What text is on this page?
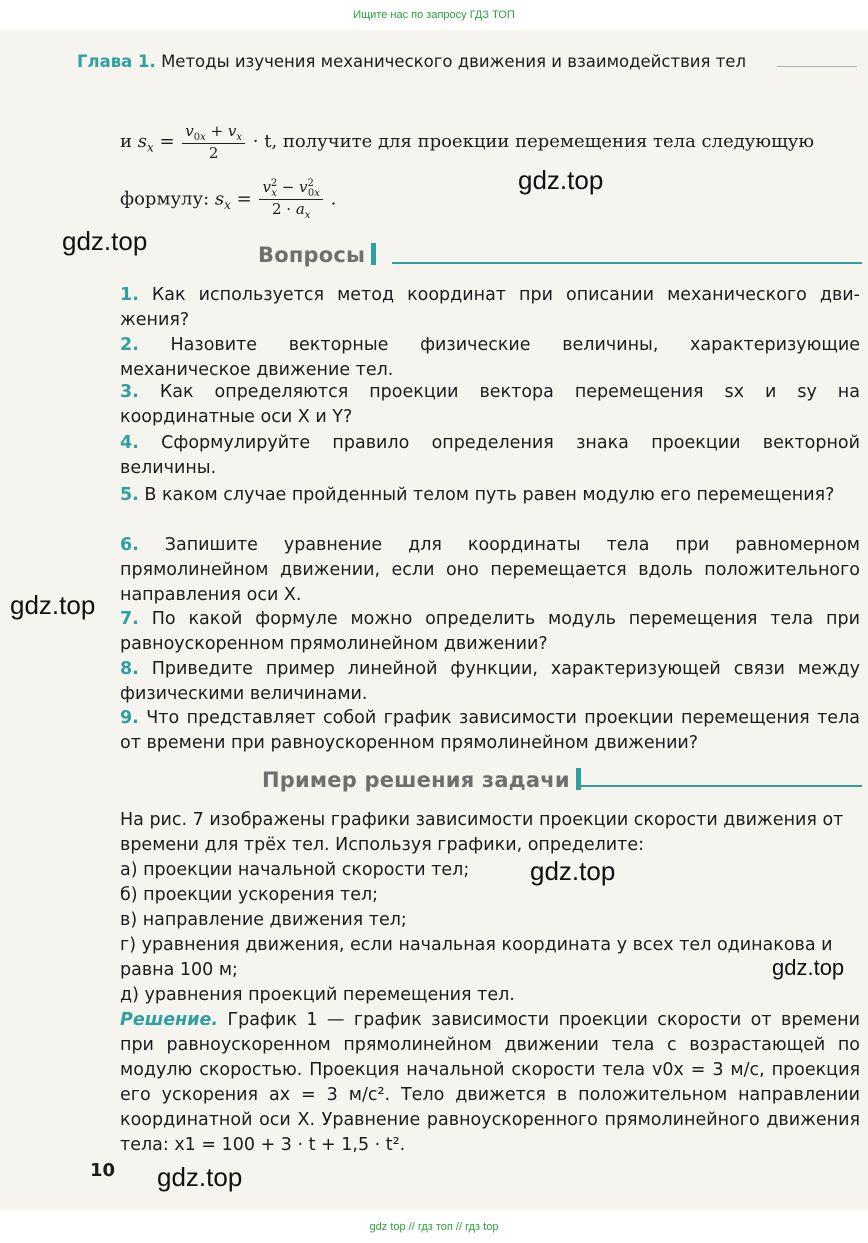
Ищите нас по запросу ГДЗ ТОП
Глава 1. Методы изучения механического движения и взаимодействия тел
и $s_x = \frac{v_{0x} + v_x}{2} \cdot t$, получите для проекции перемещения тела следующую
формулу: $s_x = \frac{v^2_x - v^2_{0x}}{2 \cdot a_x}$ .
gdz.top
gdz.top
gdz.top
gdz.top
gdz.top
gdz.top
Вопросы
1. Как используется метод координат при описании механического дви-жения?
2. Назовите векторные физические величины, характеризующие механическое движение тел.
3. Как определяются проекции вектора перемещения sx и sy на координатные оси X и Y?
4. Сформулируйте правило определения знака проекции векторной величины.
5. В каком случае пройденный телом путь равен модулю его перемещения?
6. Запишите уравнение для координаты тела при равномерном прямолинейном движении, если оно перемещается вдоль положительного направления оси X.
7. По какой формуле можно определить модуль перемещения тела при равноускоренном прямолинейном движении?
8. Приведите пример линейной функции, характеризующей связи между физическими величинами.
9. Что представляет собой график зависимости проекции перемещения тела от времени при равноускоренном прямолинейном движении?
Пример решения задачи
На рис. 7 изображены графики зависимости проекции скорости движения от времени для трёх тел. Используя графики, определите:
а) проекции начальной скорости тел;
б) проекции ускорения тел;
в) направление движения тел;
г) уравнения движения, если начальная координата у всех тел одинакова и равна 100 м;
д) уравнения проекций перемещения тел.
Решение. График 1 — график зависимости проекции скорости от времени при равноускоренном прямолинейном движении тела с возрастающей по модулю скоростью. Проекция начальной скорости тела v0x = 3 м/с, проекция его ускорения ax = 3 м/с². Тело движется в положительном направлении координатной оси X. Уравнение равноускоренного прямолинейного движения тела: x1 = 100 + 3 · t + 1,5 · t².
10
gdz top // гдз топ // гдз top
